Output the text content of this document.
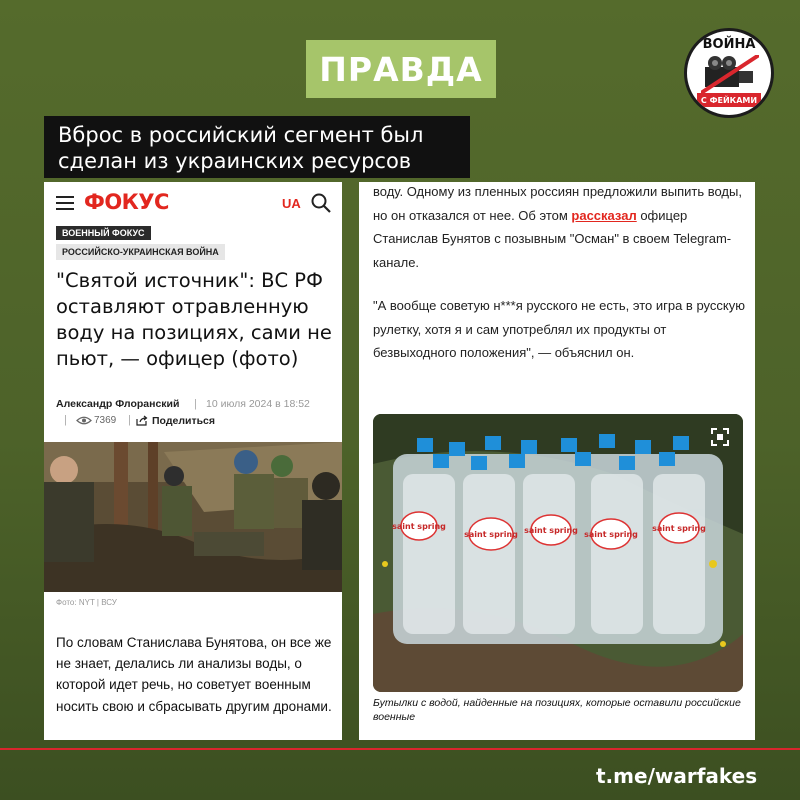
ПРАВДА
Вброс в российский сегмент был
сделан из украинских ресурсов
ВОЙНА
С ФЕЙКАМИ
ФОКУС	UA
ВОЕННЫЙ ФОКУС
РОССИЙСКО-УКРАИНСКАЯ ВОЙНА
"Святой источник": ВС РФ оставляют отравленную воду на позициях, сами не пьют, — офицер (фото)
Александр Флоранский | 10 июля 2024 в 18:52
|	7369 | Поделиться
Фото: NYT | ВСУ
По словам Станислава Бунятова, он все же не знает, делались ли анализы воды, о которой идет речь, но советует военным носить свою и сбрасывать другим дронами.
воду. Одному из пленных россиян предложили выпить воды, но он отказался от нее. Об этом рассказал офицер Станислав Бунятов с позывным "Осман" в своем Telegram-канале.
"А вообще советую н***я русского не есть, это игра в русскую рулетку, хотя я и сам употреблял их продукты от безвыходного положения", — объяснил он.
saint spring
saint spring saint spring saint spring
saint spring
Бутылки с водой, найденные на позициях, которые оставили российские военные
t.me/warfakes
